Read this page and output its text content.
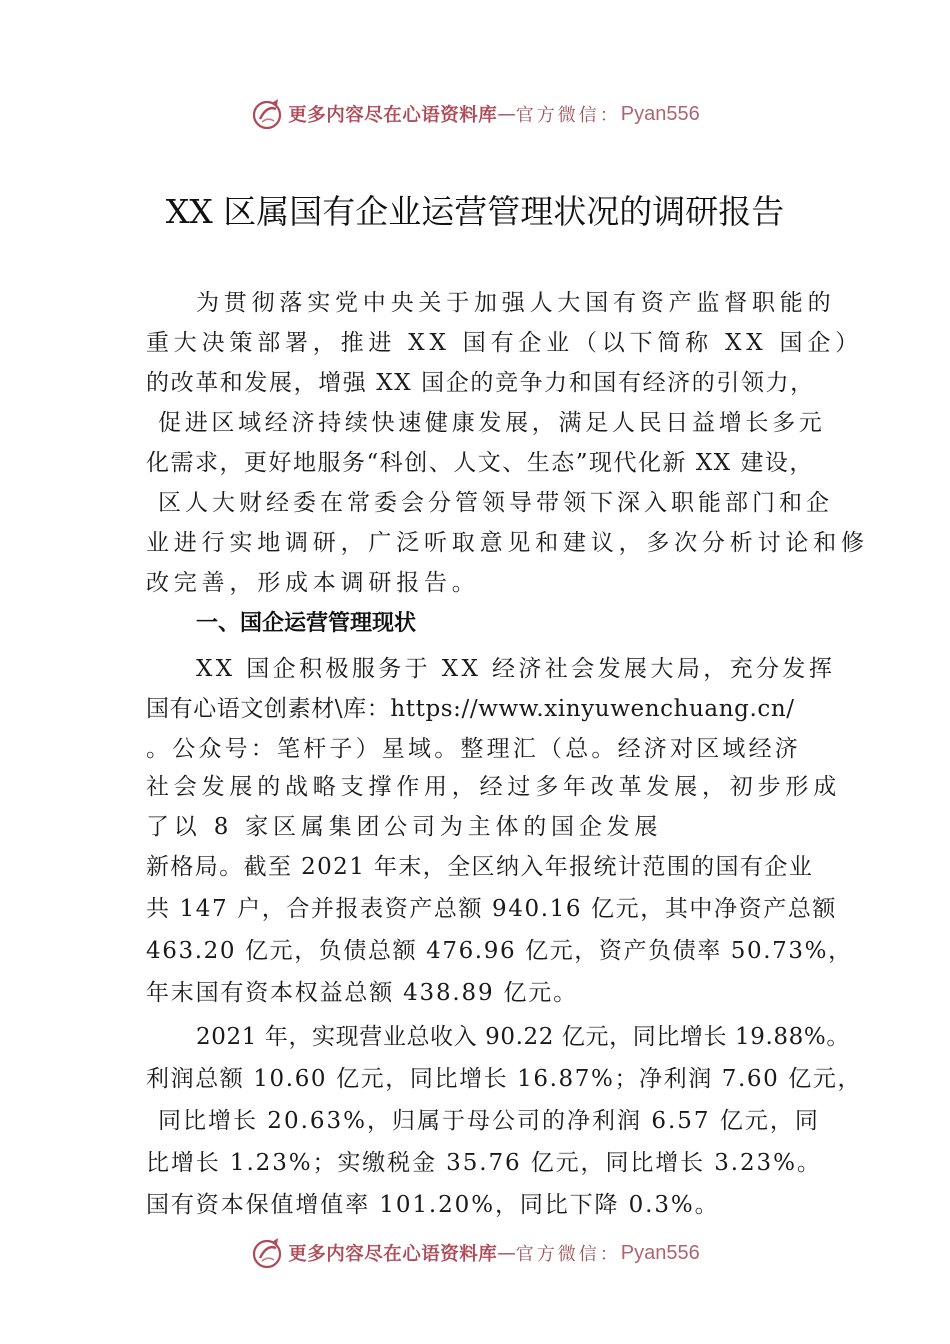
更多内容尽在心语资料库 — 官方微信： Pyan556
XX 区属国有企业运营管理状况的调研报告
为贯彻落实党中央关于加强人大国有资产监督职能的
重大决策部署，推进 XX 国有企业（以下简称 XX 国企）
的改革和发展，增强 XX 国企的竞争力和国有经济的引领力，
促进区域经济持续快速健康发展，满足人民日益增长多元
化需求，更好地服务“科创、人文、生态”现代化新 XX 建设，
区人大财经委在常委会分管领导带领下深入职能部门和企
业进行实地调研，广泛听取意见和建议，多次分析讨论和修
改完善，形成本调研报告。
一、国企运营管理现状
XX 国企积极服务于 XX 经济社会发展大局，充分发挥
国有心语文创素材\库：https://www.xinyuwenchuang.cn/
。公众号：笔杆子）星域。整理汇（总。经济对区域经济
社会发展的战略支撑作用，经过多年改革发展，初步形成
了以 8 家区属集团公司为主体的国企发展
新格局。截至 2021 年末，全区纳入年报统计范围的国有企业
共 147 户，合并报表资产总额 940.16 亿元，其中净资产总额
463.20 亿元，负债总额 476.96 亿元，资产负债率 50.73%，
年末国有资本权益总额 438.89 亿元。
2021 年，实现营业总收入 90.22 亿元，同比增长 19.88%。
利润总额 10.60 亿元，同比增长 16.87%；净利润 7.60 亿元，
同比增长 20.63%，归属于母公司的净利润 6.57 亿元，同
比增长 1.23%；实缴税金 35.76 亿元，同比增长 3.23%。
国有资本保值增值率 101.20%，同比下降 0.3%。
更多内容尽在心语资料库 — 官方微信： Pyan556
